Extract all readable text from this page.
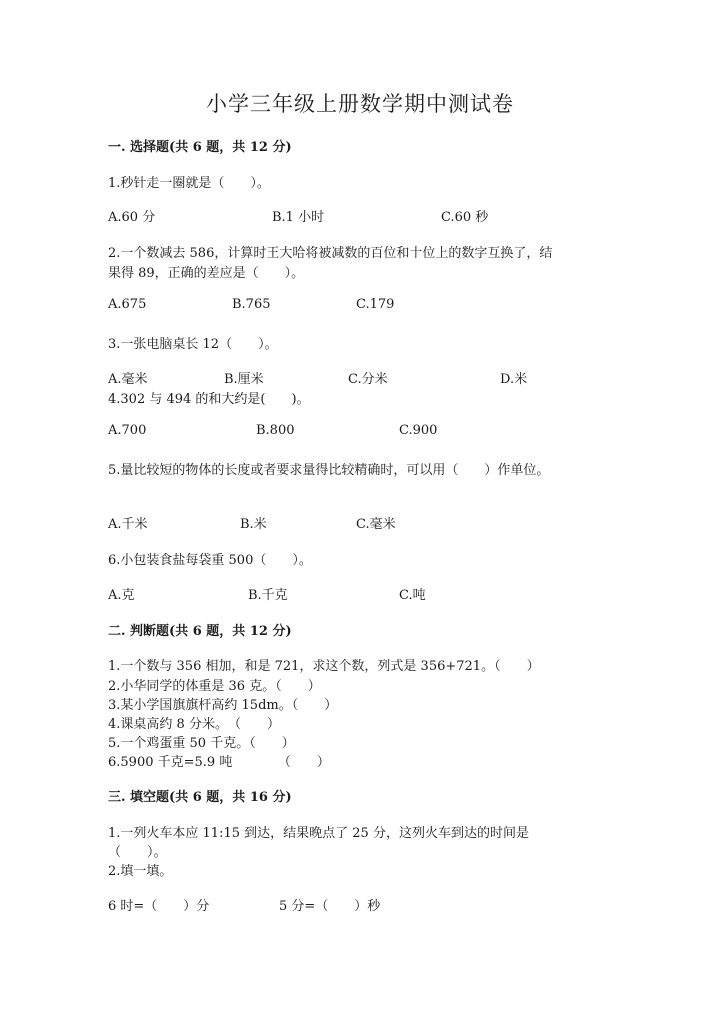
小学三年级上册数学期中测试卷
一. 选择题(共 6 题，共 12 分)
1.秒针走一圈就是（　　）。
A.60 分	B.1 小时	C.60 秒
2.一个数减去 586，计算时王大哈将被减数的百位和十位上的数字互换了，结
果得 89，正确的差应是（　　）。
A.675	B.765	C.179
3.一张电脑桌长 12（　　）。
A.毫米	B.厘米	C.分米	D.米
4.302 与 494 的和大约是(　　)。
A.700	B.800	C.900
5.量比较短的物体的长度或者要求量得比较精确时，可以用（　　）作单位。
A.千米	B.米	C.毫米
6.小包装食盐每袋重 500（　　）。
A.克	B.千克	C.吨
二. 判断题(共 6 题，共 12 分)
1.一个数与 356 相加，和是 721，求这个数，列式是 356+721。（　　）
2.小华同学的体重是 36 克。（　　）
3.某小学国旗旗杆高约 15dm。（　　）
4.课桌高约 8 分米。　（　　）
5.一个鸡蛋重 50 千克。（　　）
6.5900 千克=5.9 吨　　　　（　　）
三. 填空题(共 6 题，共 16 分)
1.一列火车本应 11:15 到达，结果晚点了 25 分，这列火车到达的时间是
（　　）。
2.填一填。
6 时=（　　）分	5 分=（　　）秒
